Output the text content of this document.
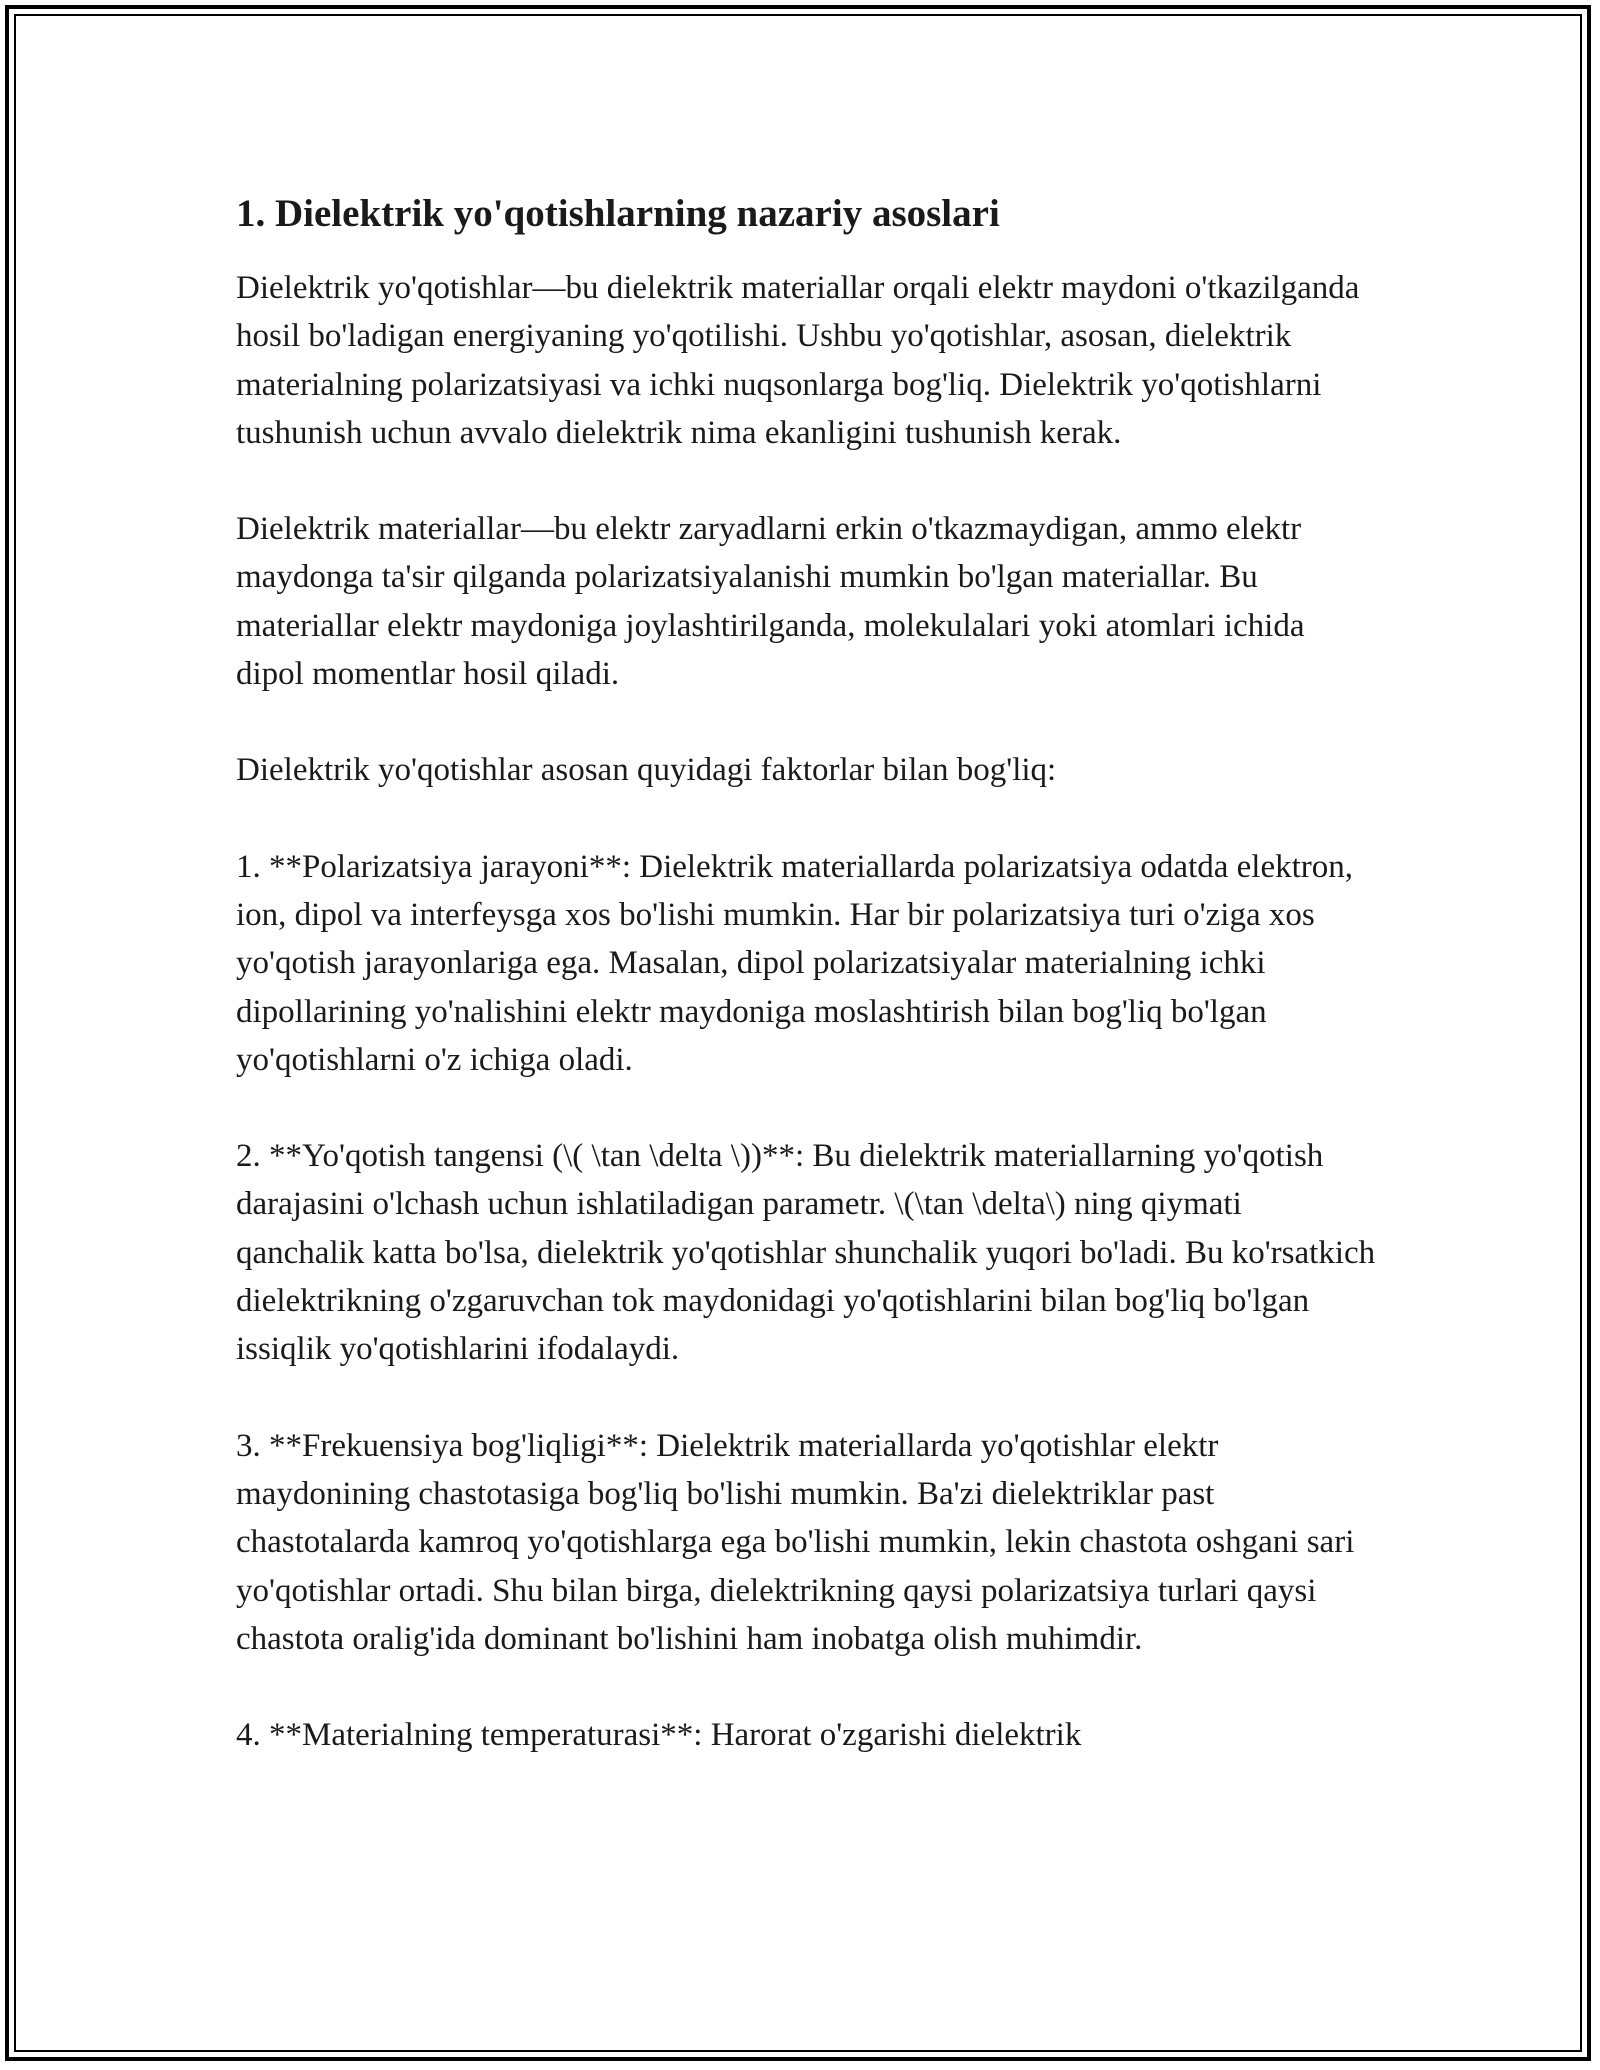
1. Dielektrik yo'qotishlarning nazariy asoslari

Dielektrik yo'qotishlar—bu dielektrik materiallar orqali elektr maydoni o'tkazilganda hosil bo'ladigan energiyaning yo'qotilishi. Ushbu yo'qotishlar, asosan, dielektrik materialning polarizatsiyasi va ichki nuqsonlarga bog'liq. Dielektrik yo'qotishlarni tushunish uchun avvalo dielektrik nima ekanligini tushunish kerak.

Dielektrik materiallar—bu elektr zaryadlarni erkin o'tkazmaydigan, ammo elektr maydonga ta'sir qilganda polarizatsiyalanishi mumkin bo'lgan materiallar. Bu materiallar elektr maydoniga joylashtirilganda, molekulalari yoki atomlari ichida dipol momentlar hosil qiladi.

Dielektrik yo'qotishlar asosan quyidagi faktorlar bilan bog'liq:

1. **Polarizatsiya jarayoni**: Dielektrik materiallarda polarizatsiya odatda elektron, ion, dipol va interfeysga xos bo'lishi mumkin. Har bir polarizatsiya turi o'ziga xos yo'qotish jarayonlariga ega. Masalan, dipol polarizatsiyalar materialning ichki dipollarining yo'nalishini elektr maydoniga moslashtirish bilan bog'liq bo'lgan yo'qotishlarni o'z ichiga oladi.

2. **Yo'qotish tangensi (\( \tan \delta \))**: Bu dielektrik materiallarning yo'qotish darajasini o'lchash uchun ishlatiladigan parametr. \(\tan \delta\) ning qiymati qanchalik katta bo'lsa, dielektrik yo'qotishlar shunchalik yuqori bo'ladi. Bu ko'rsatkich dielektrikning o'zgaruvchan tok maydonidagi yo'qotishlarini bilan bog'liq bo'lgan issiqlik yo'qotishlarini ifodalaydi.

3. **Frekuensiya bog'liqligi**: Dielektrik materiallarda yo'qotishlar elektr maydonining chastotasiga bog'liq bo'lishi mumkin. Ba'zi dielektriklar past chastotalarda kamroq yo'qotishlarga ega bo'lishi mumkin, lekin chastota oshgani sari yo'qotishlar ortadi. Shu bilan birga, dielektrikning qaysi polarizatsiya turlari qaysi chastota oralig'ida dominant bo'lishini ham inobatga olish muhimdir.

4. **Materialning temperaturasi**: Harorat o'zgarishi dielektrik
